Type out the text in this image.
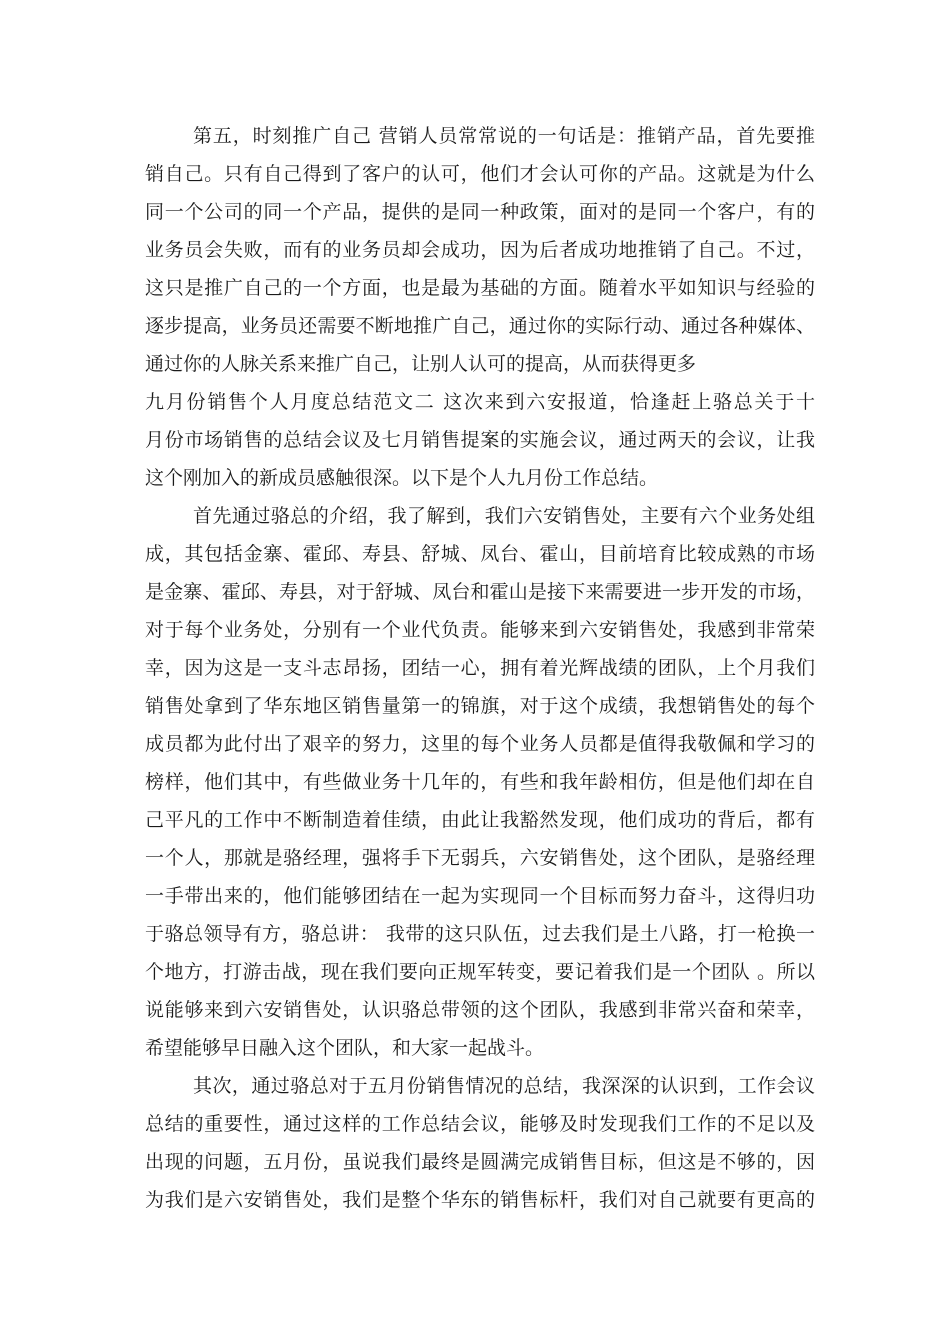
第五，时刻推广自己 营销人员常常说的一句话是：推销产品，首先要推
销自己。只有自己得到了客户的认可，他们才会认可你的产品。这就是为什么
同一个公司的同一个产品，提供的是同一种政策，面对的是同一个客户，有的
业务员会失败，而有的业务员却会成功，因为后者成功地推销了自己。不过，
这只是推广自己的一个方面，也是最为基础的方面。随着水平如知识与经验的
逐步提高，业务员还需要不断地推广自己，通过你的实际行动、通过各种媒体、
通过你的人脉关系来推广自己，让别人认可的提高，从而获得更多
九月份销售个人月度总结范文二 这次来到六安报道，恰逢赶上骆总关于十
月份市场销售的总结会议及七月销售提案的实施会议，通过两天的会议，让我
这个刚加入的新成员感触很深。以下是个人九月份工作总结。
首先通过骆总的介绍，我了解到，我们六安销售处，主要有六个业务处组
成，其包括金寨、霍邱、寿县、舒城、凤台、霍山，目前培育比较成熟的市场
是金寨、霍邱、寿县，对于舒城、凤台和霍山是接下来需要进一步开发的市场，
对于每个业务处，分别有一个业代负责。能够来到六安销售处，我感到非常荣
幸，因为这是一支斗志昂扬，团结一心，拥有着光辉战绩的团队，上个月我们
销售处拿到了华东地区销售量第一的锦旗，对于这个成绩，我想销售处的每个
成员都为此付出了艰辛的努力，这里的每个业务人员都是值得我敬佩和学习的
榜样，他们其中，有些做业务十几年的，有些和我年龄相仿，但是他们却在自
己平凡的工作中不断制造着佳绩，由此让我豁然发现，他们成功的背后，都有
一个人，那就是骆经理，强将手下无弱兵，六安销售处，这个团队，是骆经理
一手带出来的，他们能够团结在一起为实现同一个目标而努力奋斗，这得归功
于骆总领导有方，骆总讲： 我带的这只队伍，过去我们是土八路，打一枪换一
个地方，打游击战，现在我们要向正规军转变，要记着我们是一个团队 。所以
说能够来到六安销售处，认识骆总带领的这个团队，我感到非常兴奋和荣幸，
希望能够早日融入这个团队，和大家一起战斗。
其次，通过骆总对于五月份销售情况的总结，我深深的认识到，工作会议
总结的重要性，通过这样的工作总结会议，能够及时发现我们工作的不足以及
出现的问题，五月份，虽说我们最终是圆满完成销售目标，但这是不够的，因
为我们是六安销售处，我们是整个华东的销售标杆，我们对自己就要有更高的
